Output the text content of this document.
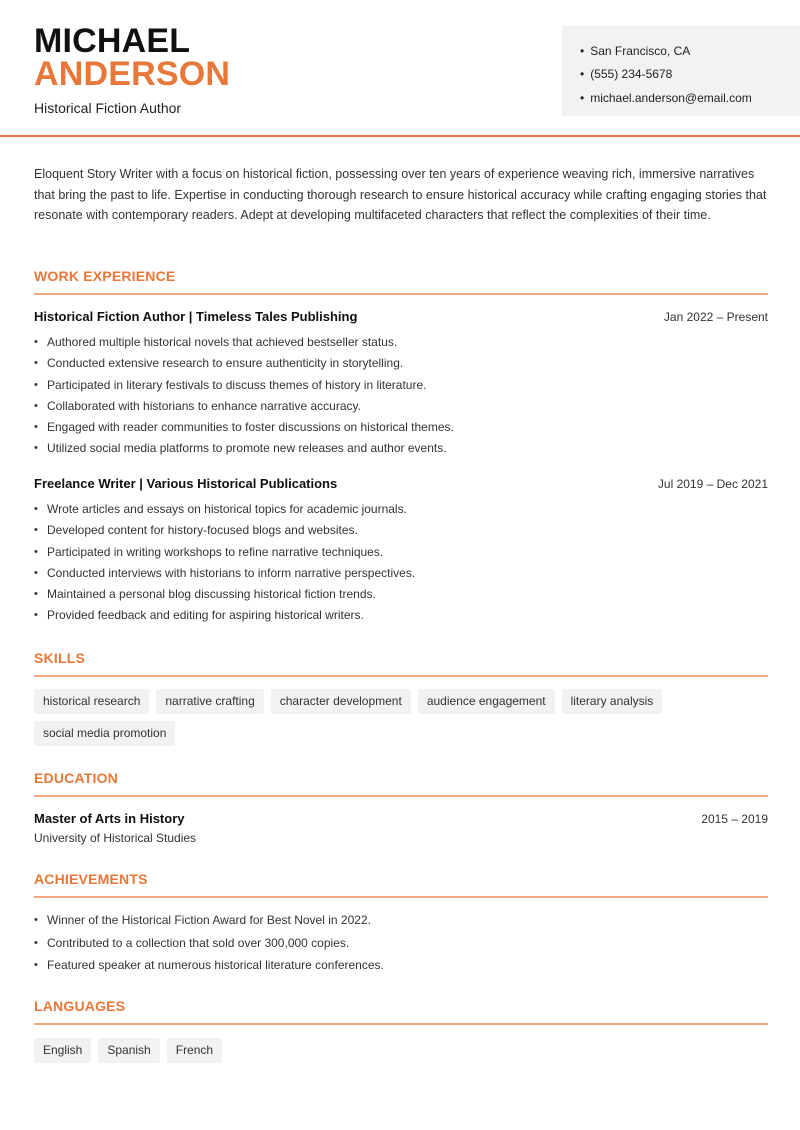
MICHAEL
ANDERSON
Historical Fiction Author
• San Francisco, CA
• (555) 234-5678
• michael.anderson@email.com

Eloquent Story Writer with a focus on historical fiction, possessing over ten years of experience weaving rich, immersive narratives that bring the past to life. Expertise in conducting thorough research to ensure historical accuracy while crafting engaging stories that resonate with contemporary readers. Adept at developing multifaceted characters that reflect the complexities of their time.

WORK EXPERIENCE
Historical Fiction Author | Timeless Tales Publishing	Jan 2022 – Present
• Authored multiple historical novels that achieved bestseller status.
• Conducted extensive research to ensure authenticity in storytelling.
• Participated in literary festivals to discuss themes of history in literature.
• Collaborated with historians to enhance narrative accuracy.
• Engaged with reader communities to foster discussions on historical themes.
• Utilized social media platforms to promote new releases and author events.
Freelance Writer | Various Historical Publications	Jul 2019 – Dec 2021
• Wrote articles and essays on historical topics for academic journals.
• Developed content for history-focused blogs and websites.
• Participated in writing workshops to refine narrative techniques.
• Conducted interviews with historians to inform narrative perspectives.
• Maintained a personal blog discussing historical fiction trends.
• Provided feedback and editing for aspiring historical writers.
SKILLS
historical research	narrative crafting	character development	audience engagement	literary analysis
social media promotion
EDUCATION
Master of Arts in History	2015 – 2019
University of Historical Studies
ACHIEVEMENTS
• Winner of the Historical Fiction Award for Best Novel in 2022.
• Contributed to a collection that sold over 300,000 copies.
• Featured speaker at numerous historical literature conferences.
LANGUAGES
English	Spanish	French
